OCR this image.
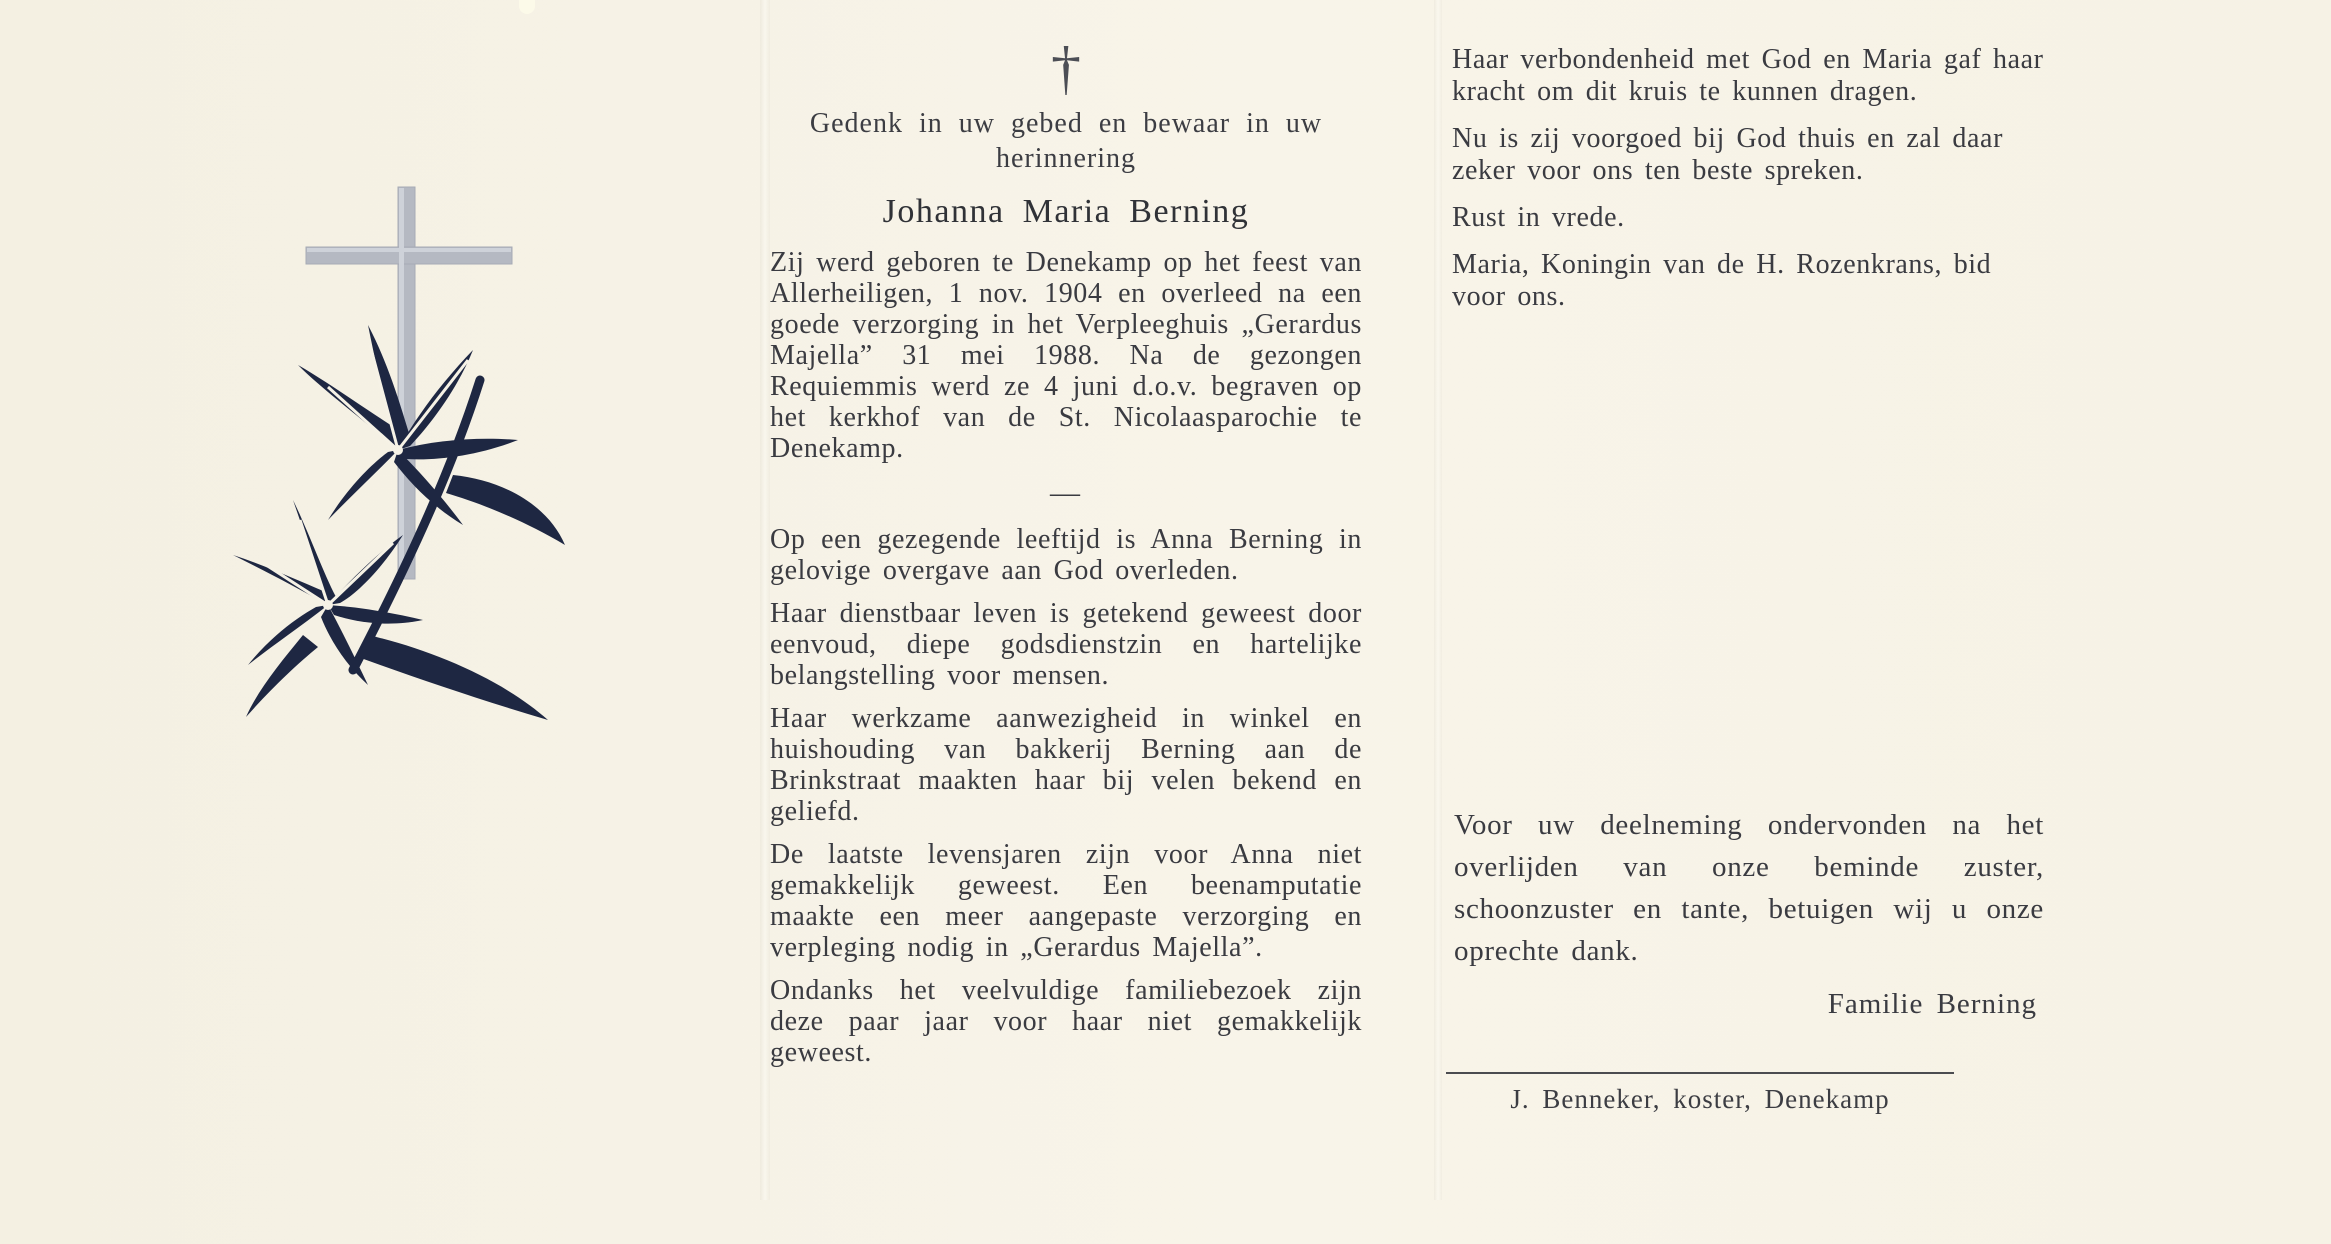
†
Gedenk in uw gebed en bewaar in uw herinnering
Johanna Maria Berning

Zij werd geboren te Denekamp op het feest van Allerheiligen, 1 nov. 1904 en overleed na een goede verzorging in het Verpleeghuis „Gerardus Majella” 31 mei 1988. Na de gezongen Requiemmis werd ze 4 juni d.o.v. begraven op het kerkhof van de St. Nicolaasparochie te Denekamp.

—

Op een gezegende leeftijd is Anna Berning in gelovige overgave aan God overleden.

Haar dienstbaar leven is getekend geweest door eenvoud, diepe godsdienstzin en hartelijke belangstelling voor mensen.

Haar werkzame aanwezigheid in winkel en huishouding van bakkerij Berning aan de Brinkstraat maakten haar bij velen bekend en geliefd.

De laatste levensjaren zijn voor Anna niet gemakkelijk geweest. Een beenamputatie maakte een meer aangepaste verzorging en verpleging nodig in „Gerardus Majella”.

Ondanks het veelvuldige familiebezoek zijn deze paar jaar voor haar niet gemakkelijk geweest.

Haar verbondenheid met God en Maria gaf haar kracht om dit kruis te kunnen dragen.

Nu is zij voorgoed bij God thuis en zal daar zeker voor ons ten beste spreken.

Rust in vrede.

Maria, Koningin van de H. Rozenkrans, bid voor ons.

Voor uw deelneming ondervonden na het overlijden van onze beminde zuster, schoonzuster en tante, betuigen wij u onze oprechte dank.

Familie Berning
J. Benneker, koster, Denekamp
